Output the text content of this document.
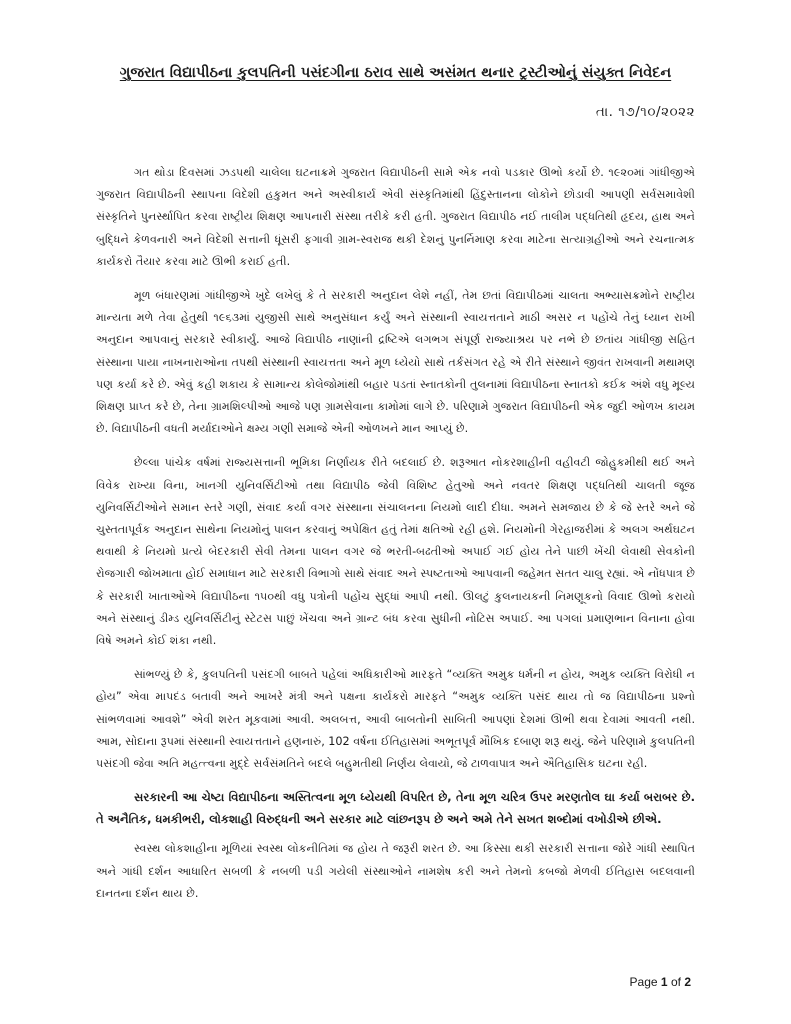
ગુજરાત વિદ્યાપીઠના કુલપતિની પસંદગીના ઠરાવ સાથે અસંમત થનાર ટ્રસ્ટીઓનું સંયુક્ત નિવેદન
તા. ૧૭/૧૦/૨૦૨૨

ગત થોડા દિવસમાં ઝડપથી ચાલેલા ઘટનાક્રમે ગુજરાત વિદ્યાપીઠની સામે એક નવો પડકાર ઊભો કર્યો છે. ૧૯૨૦માં ગાંધીજીએ ગુજરાત વિદ્યાપીઠની સ્થાપના વિદેશી હકુમત અને અસ્વીકાર્ય એવી સંસ્કૃતિમાંથી હિંદુસ્તાનના લોકોને છોડાવી આપણી સર્વસમાવેશી સંસ્કૃતિને પુનર્સ્થાપિત કરવા રાષ્ટ્રીય શિક્ષણ આપનારી સંસ્થા તરીકે કરી હતી. ગુજરાત વિદ્યાપીઠ નઈ તાલીમ પદ્ધતિથી હૃદય, હાથ અને બુદ્ધિને કેળવનારી અને વિદેશી સત્તાની ધૂંસરી ફગાવી ગ્રામ-સ્વરાજ થકી દેશનું પુનર્નિમાણ કરવા માટેના સત્યાગ્રહીઓ અને રચનાત્મક કાર્યકરો તૈયાર કરવા માટે ઊભી કરાઈ હતી.

મૂળ બંધારણમાં ગાંધીજીએ ખુદે લખેલું કે તે સરકારી અનુદાન લેશે નહીં, તેમ છતાં વિદ્યાપીઠમાં ચાલતા અભ્યાસક્રમોને રાષ્ટ્રીય માન્યતા મળે તેવા હેતુથી ૧૯૬૩માં યુજીસી સાથે અનુસંધાન કર્યું અને સંસ્થાની સ્વાયત્તતાને માઠી અસર ન પહોંચે તેનું ધ્યાન રાખી અનુદાન આપવાનું સરકારે સ્વીકાર્યું. આજે વિદ્યાપીઠ નાણાંની દ્રષ્ટિએ લગભગ સંપૂર્ણ રાજ્યાશ્રય પર નભે છે છતાંય ગાંધીજી સહિત સંસ્થાના પાયા નાખનારાઓના તપથી સંસ્થાની સ્વાયત્તતા અને મૂળ ધ્યેયો સાથે તર્કસંગત રહે એ રીતે સંસ્થાને જીવંત રાખવાની મથામણ પણ કર્યા કરે છે. એવું કહી શકાય કે સામાન્ય કોલેજોમાંથી બહાર પડતાં સ્નાતકોની તુલનામાં વિદ્યાપીઠના સ્નાતકો કઈક અંશે વધુ મૂલ્ય શિક્ષણ પ્રાપ્ત કરે છે, તેના ગ્રામશિલ્પીઓ આજે પણ ગ્રામસેવાના કામોમાં લાગે છે. પરિણામે ગુજરાત વિદ્યાપીઠની એક જુદી ઓળખ કાયમ છે. વિદ્યાપીઠની વધતી મર્યાદાઓને ક્ષમ્ય ગણી સમાજે એની ઓળખને માન આપ્યું છે.

છેલ્લા પાંચેક વર્ષમાં રાજ્યસત્તાની ભૂમિકા નિર્ણાયક રીતે બદલાઈ છે. શરૂઆત નોકરશાહીની વહીવટી જોહુકમીથી થઈ અને વિવેક રાખ્યા વિના, ખાનગી યુનિવર્સિટીઓ તથા વિદ્યાપીઠ જેવી વિશિષ્ટ હેતુઓ અને નવતર શિક્ષણ પદ્ધતિથી ચાલતી જૂજ યુનિવર્સિટીઓને સમાન સ્તરે ગણી, સંવાદ કર્યા વગર સંસ્થાના સંચાલનના નિયમો લાદી દીધા. અમને સમજાય છે કે જે સ્તરે અને જે ચુસ્તતાપૂર્વક અનુદાન સાથેના નિયમોનું પાલન કરવાનું અપેક્ષિત હતું તેમાં ક્ષતિઓ રહી હશે. નિયમોની ગેરહાજરીમાં કે અલગ અર્થઘટન થવાથી કે નિયમો પ્રત્યે બેદરકારી સેવી તેમના પાલન વગર જે ભરતી-બઢતીઓ અપાઈ ગઈ હોય તેને પાછી ખેંચી લેવાથી સેવકોની રોજગારી જોખમાતા હોઈ સમાધાન માટે સરકારી વિભાગો સાથે સંવાદ અને સ્પષ્ટતાઓ આપવાની જહેમત સતત ચાલુ રહ્યાં. એ નોંધપાત્ર છે કે સરકારી ખાતાઓએ વિદ્યાપીઠના ૧૫૦થી વધુ પત્રોની પહોંચ સુદ્ધાં આપી નથી. ઊલટું કુલનાયકની નિમણૂકનો વિવાદ ઊભો કરાયો અને સંસ્થાનું ડીમ્ડ યુનિવર્સિટીનું સ્ટેટસ પાછું ખેંચવા અને ગ્રાન્ટ બંધ કરવા સુધીની નોટિસ અપાઈ. આ પગલાં પ્રમાણભાન વિનાના હોવા વિષે અમને કોઈ શંકા નથી.

સાંભળ્યું છે કે, કુલપતિની પસંદગી બાબતે પહેલાં અધિકારીઓ મારફતે “વ્યક્તિ અમુક ધર્મની ન હોય, અમુક વ્યક્તિ વિરોધી ન હોય” એવા માપદંડ બતાવી અને આખરે મંત્રી અને પક્ષના કાર્યકરો મારફતે “અમુક વ્યક્તિ પસંદ થાય તો જ વિદ્યાપીઠના પ્રશ્નો સાંભળવામાં આવશે” એવી શરત મૂકવામાં આવી. અલબત્ત, આવી બાબતોની સાબિતી આપણાં દેશમાં ઊભી થવા દેવામાં આવતી નથી. આમ, સોદાના રૂપમાં સંસ્થાની સ્વાયત્તતાને હણનારું, 102 વર્ષના ઈતિહાસમાં અભૂતપૂર્વ મૌખિક દબાણ શરૂ થયું. જેને પરિણામે કુલપતિની પસંદગી જેવા અતિ મહત્ત્વના મુદ્દે સર્વસંમતિને બદલે બહુમતીથી નિર્ણય લેવાયો, જે ટાળવાપાત્ર અને ઐતિહાસિક ઘટના રહી.

સરકારની આ ચેષ્ટા વિદ્યાપીઠના અસ્તિત્વના મૂળ ધ્યેયથી વિપરિત છે, તેના મૂળ ચરિત્ર ઉપર મરણતોલ ઘા કર્યા બરાબર છે. તે અનૈતિક, ધમકીભરી, લોકશાહી વિરુદ્ધની અને સરકાર માટે લાંછનરૂપ છે અને અમે તેને સખત શબ્દોમાં વખોડીએ છીએ.

સ્વસ્થ લોકશાહીના મૂળિયાં સ્વસ્થ લોકનીતિમાં જ હોય તે જરૂરી શરત છે. આ કિસ્સા થકી સરકારી સત્તાના જોરે ગાંધી સ્થાપિત અને ગાંધી દર્શન આધારિત સબળી કે નબળી પડી ગયેલી સંસ્થાઓને નામશેષ કરી અને તેમનો કબજો મેળવી ઈતિહાસ બદલવાની દાનતના દર્શન થાય છે.

Page 1 of 2
